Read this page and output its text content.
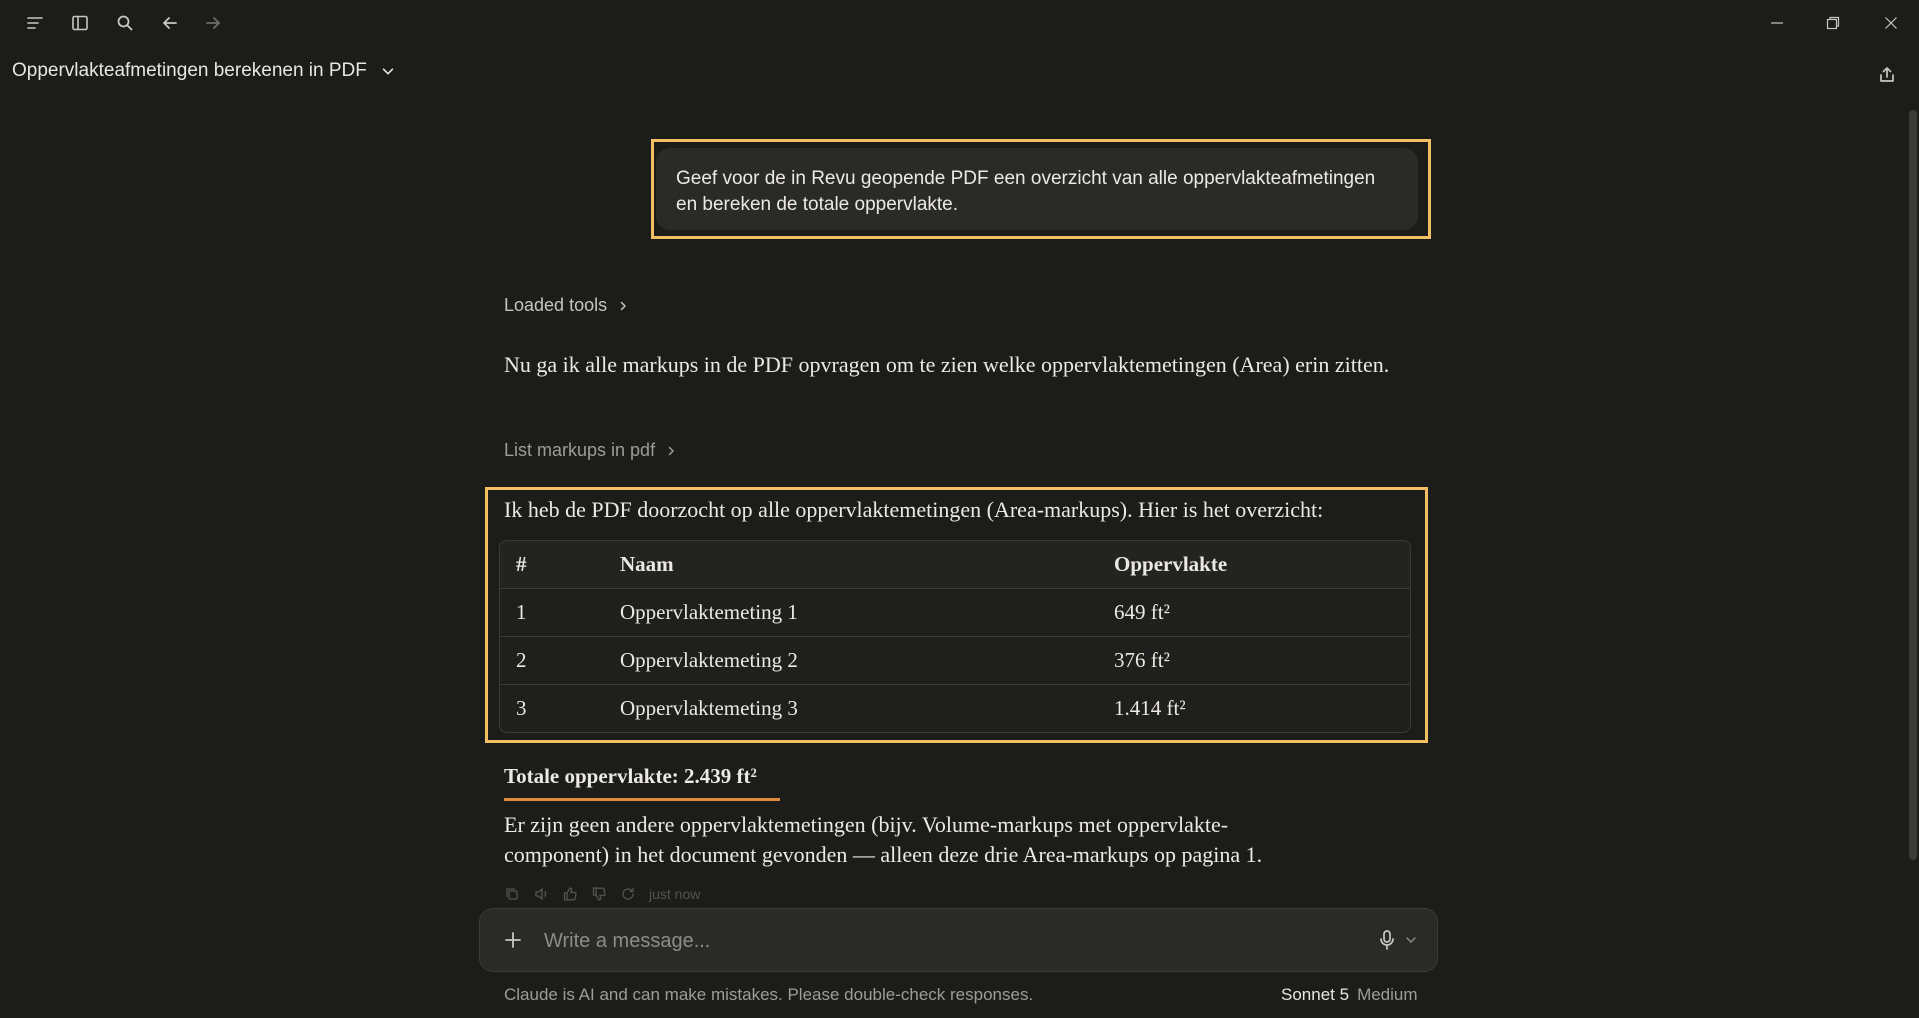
Oppervlakteafmetingen berekenen in PDF
Geef voor de in Revu geopende PDF een overzicht van alle oppervlakteafmetingen
en bereken de totale oppervlakte.
Loaded tools
Nu ga ik alle markups in de PDF opvragen om te zien welke oppervlaktemetingen (Area) erin zitten.
List markups in pdf
Ik heb de PDF doorzocht op alle oppervlaktemetingen (Area-markups). Hier is het overzicht:
#	Naam	Oppervlakte
1	Oppervlaktemeting 1	649 ft²
2	Oppervlaktemeting 2	376 ft²
3	Oppervlaktemeting 3	1.414 ft²
Totale oppervlakte: 2.439 ft²
Er zijn geen andere oppervlaktemetingen (bijv. Volume-markups met oppervlakte-component) in het document gevonden — alleen deze drie Area-markups op pagina 1.
just now
Write a message...
Claude is AI and can make mistakes. Please double-check responses.	Sonnet 5 Medium
